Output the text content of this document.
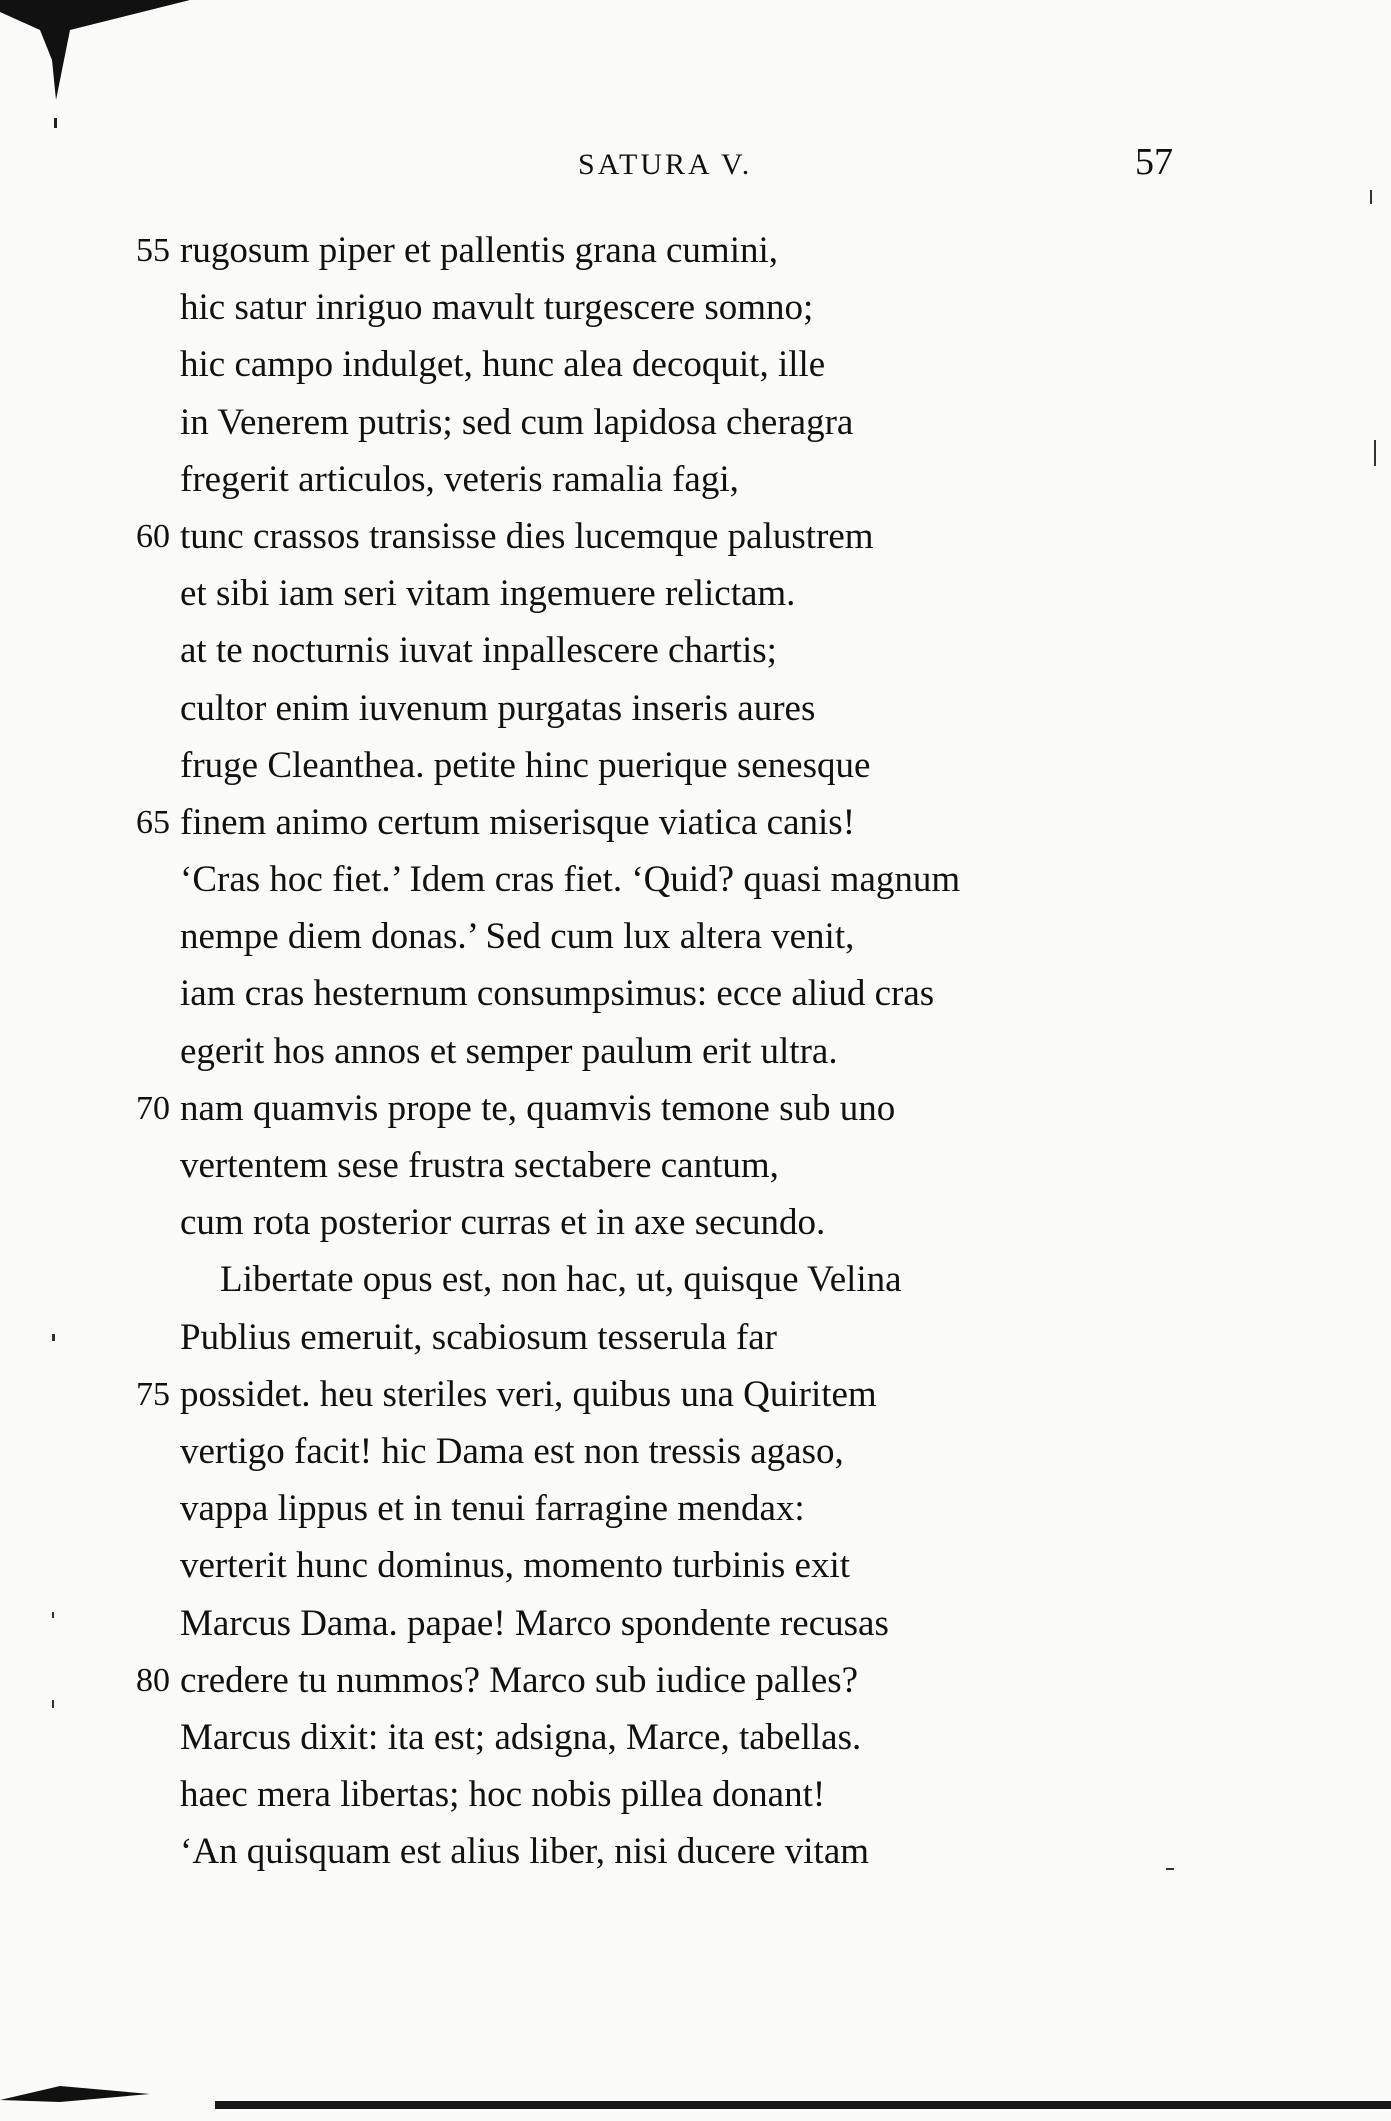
SATURA V.	57
55 rugosum piper et pallentis grana cumini,
hic satur inriguo mavult turgescere somno;
hic campo indulget, hunc alea decoquit, ille
in Venerem putris; sed cum lapidosa cheragra
fregerit articulos, veteris ramalia fagi,
60 tunc crassos transisse dies lucemque palustrem
et sibi iam seri vitam ingemuere relictam.
at te nocturnis iuvat inpallescere chartis;
cultor enim iuvenum purgatas inseris aures
fruge Cleanthea. petite hinc puerique senesque
65 finem animo certum miserisque viatica canis!
‘Cras hoc fiet.’ Idem cras fiet. ‘Quid? quasi magnum
nempe diem donas.’ Sed cum lux altera venit,
iam cras hesternum consumpsimus: ecce aliud cras
egerit hos annos et semper paulum erit ultra.
70 nam quamvis prope te, quamvis temone sub uno
vertentem sese frustra sectabere cantum,
cum rota posterior curras et in axe secundo.
Libertate opus est, non hac, ut, quisque Velina
Publius emeruit, scabiosum tesserula far
75 possidet. heu steriles veri, quibus una Quiritem
vertigo facit! hic Dama est non tressis agaso,
vappa lippus et in tenui farragine mendax:
verterit hunc dominus, momento turbinis exit
Marcus Dama. papae! Marco spondente recusas
80 credere tu nummos? Marco sub iudice palles?
Marcus dixit: ita est; adsigna, Marce, tabellas.
haec mera libertas; hoc nobis pillea donant!
‘An quisquam est alius liber, nisi ducere vitam
